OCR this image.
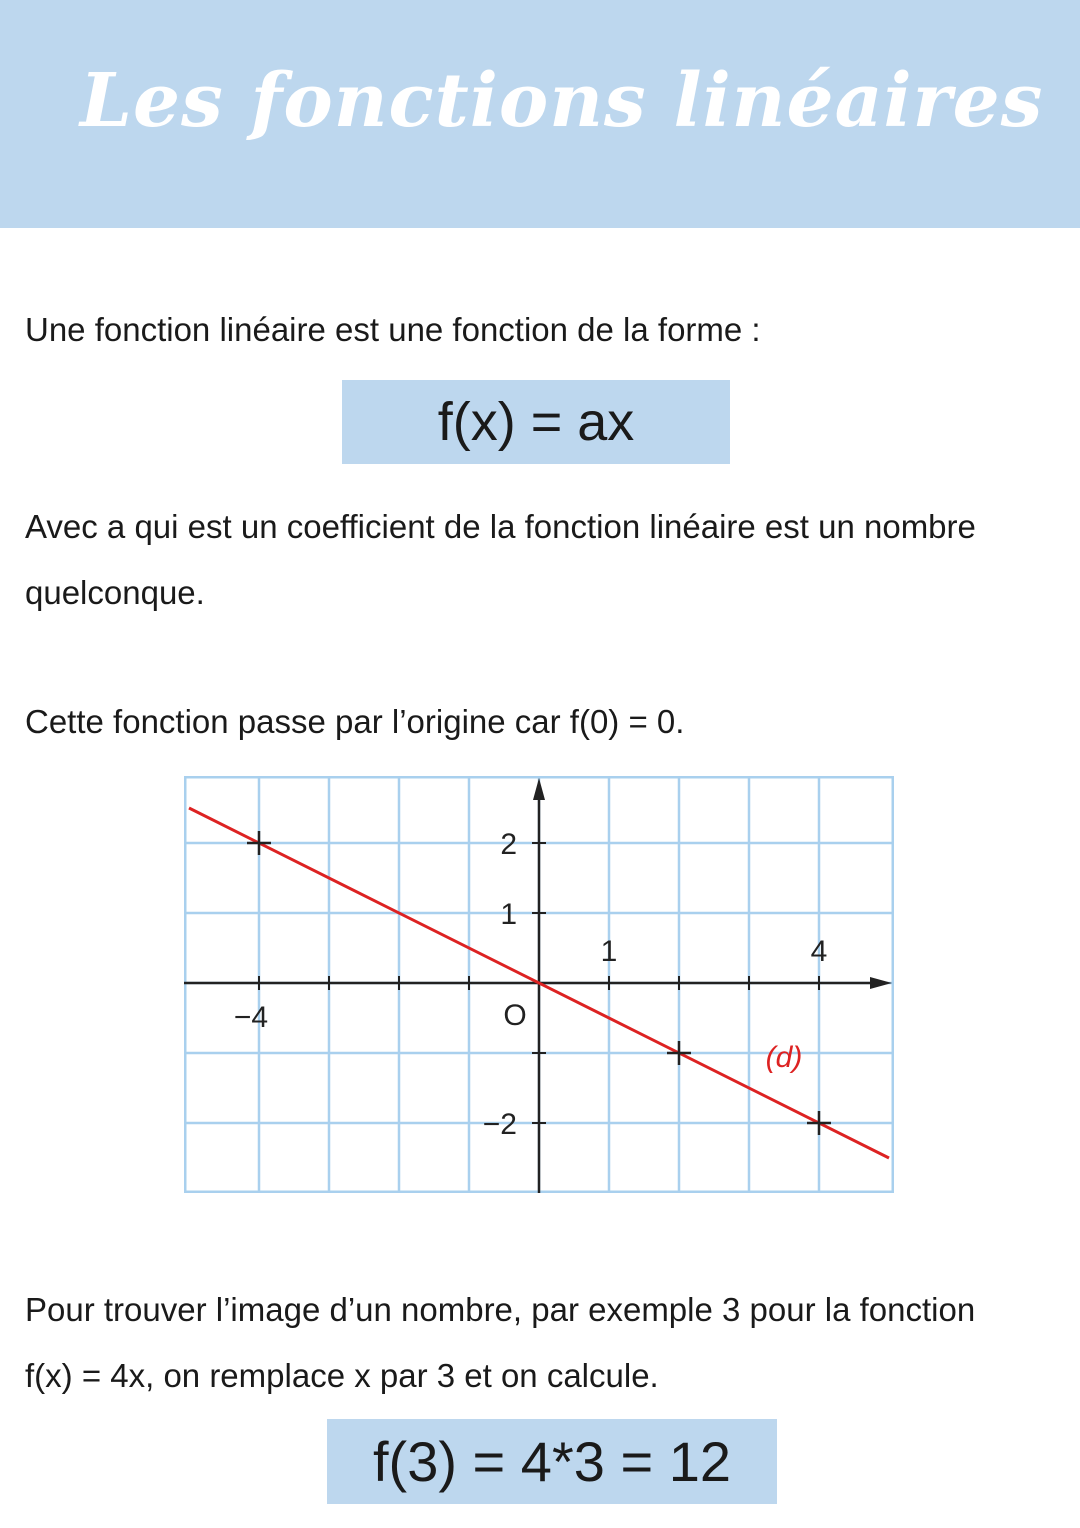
Les fonctions linéaires

Une fonction linéaire est une fonction de la forme :

f(x) = ax

Avec a qui est un coefficient de la fonction linéaire est un nombre

quelconque.

Cette fonction passe par l’origine car f(0) = 0.

−4
1	4
2
1
−2
O
(d)

Pour trouver l’image d’un nombre, par exemple 3 pour la fonction

f(x) = 4x, on remplace x par 3 et on calcule.

f(3) = 4*3 = 12
